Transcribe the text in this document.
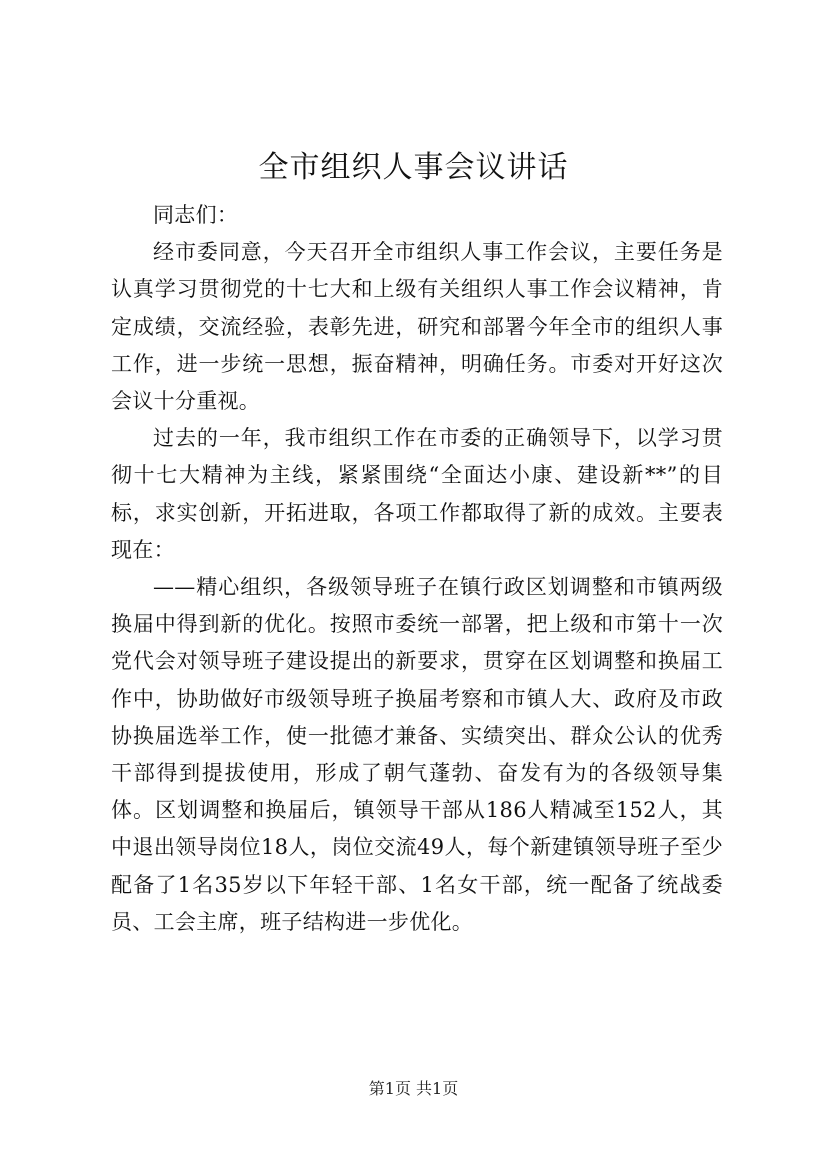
全市组织人事会议讲话

同志们：

经市委同意，今天召开全市组织人事工作会议，主要任务是认真学习贯彻党的十七大和上级有关组织人事工作会议精神，肯定成绩，交流经验，表彰先进，研究和部署今年全市的组织人事工作，进一步统一思想，振奋精神，明确任务。市委对开好这次会议十分重视。

过去的一年，我市组织工作在市委的正确领导下，以学习贯彻十七大精神为主线，紧紧围绕“全面达小康、建设新**”的目标，求实创新，开拓进取，各项工作都取得了新的成效。主要表现在：

——精心组织，各级领导班子在镇行政区划调整和市镇两级换届中得到新的优化。按照市委统一部署，把上级和市第十一次党代会对领导班子建设提出的新要求，贯穿在区划调整和换届工作中，协助做好市级领导班子换届考察和市镇人大、政府及市政协换届选举工作，使一批德才兼备、实绩突出、群众公认的优秀干部得到提拔使用，形成了朝气蓬勃、奋发有为的各级领导集体。区划调整和换届后，镇领导干部从186人精减至152人，其中退出领导岗位18人，岗位交流49人，每个新建镇领导班子至少配备了1名35岁以下年轻干部、1名女干部，统一配备了统战委员、工会主席，班子结构进一步优化。

第1页 共1页
